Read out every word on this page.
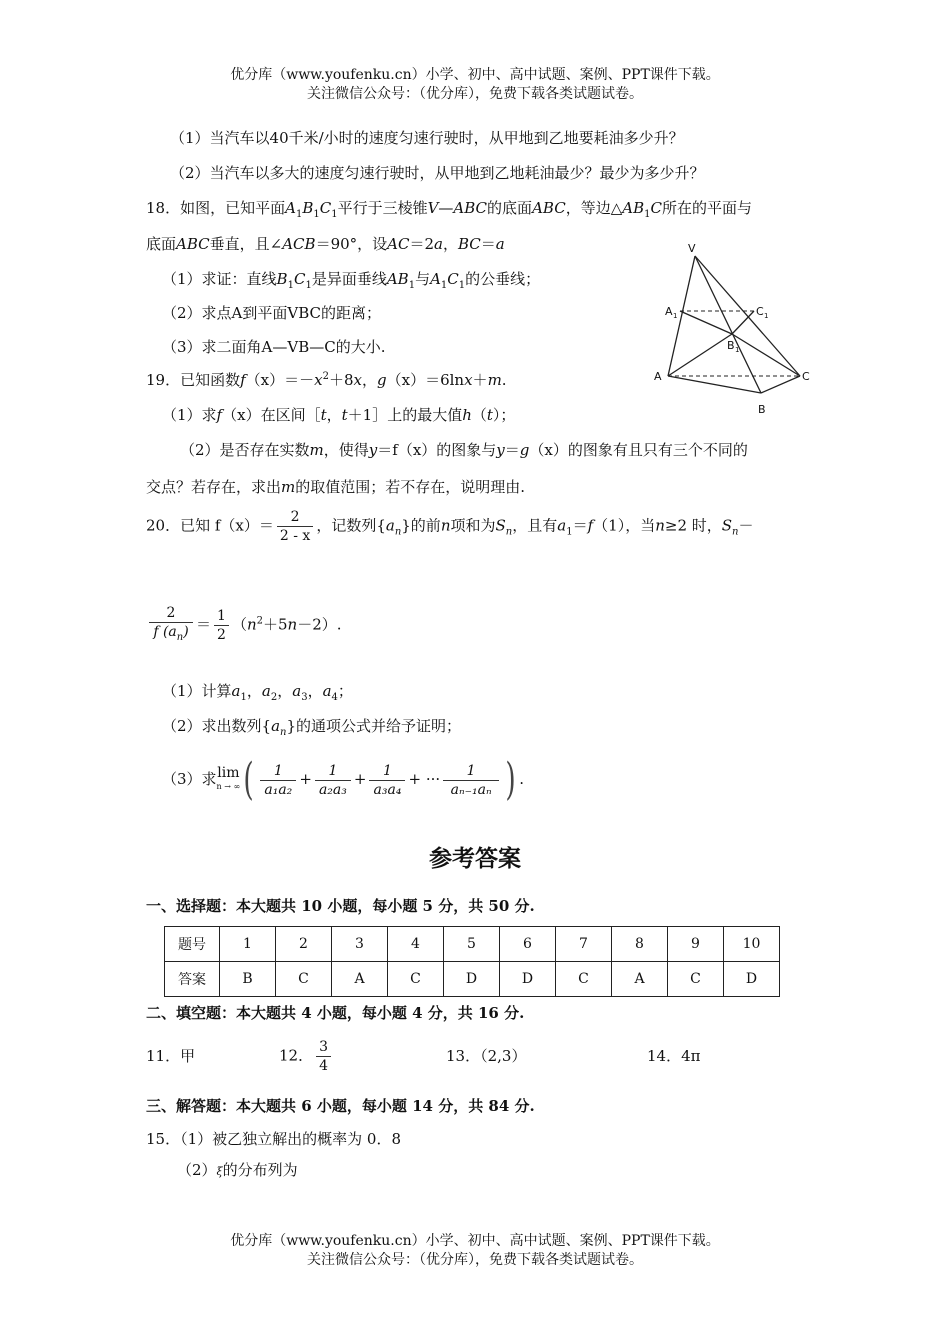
优分库（www.youfenku.cn）小学、初中、高中试题、案例、PPT课件下载。
关注微信公众号：（优分库），免费下载各类试题试卷。
（1）当汽车以40千米/小时的速度匀速行驶时，从甲地到乙地要耗油多少升？
（2）当汽车以多大的速度匀速行驶时，从甲地到乙地耗油最少？最少为多少升？
18．如图，已知平面$A_1B_1C_1$平行于三棱锥V—ABC的底面ABC，等边$\triangle AB_1C$所在的平面与
底面ABC垂直，且∠ACB＝90°，设AC＝2a，BC＝a
（1）求证：直线$B_1C_1$是异面垂线$AB_1$与$A_1C_1$的公垂线；
（2）求点A到平面VBC的距离；
（3）求二面角A—VB—C的大小.
V
A	C
B
A 1	C 1
B 1
19．已知函数$f(x)=-x^2+8x$，g（x）＝6lnx＋m.
（1）求f（x）在区间［t，t＋1］上的最大值h（t）；
（2）是否存在实数m，使得y＝f（x）的图象与y＝g（x）的图象有且只有三个不同的
交点？若存在，求出m的取值范围；若不存在，说明理由.
20．已知 $f(x)= \frac{2}{2 - x}$ ，记数列$\{a_n\}$的前n项和为$S_n$，且有$a_1=f(1)$，当n≥2 时，$S_n-$
$\frac{2}{f (a_n)} = \frac{1}{2} (n^2+5n-2)$.
（1）计算$a_1$，$a_2$，$a_3$，$a_4$；
（2）求出数列$\{a_n\}$的通项公式并给予证明；
（3）求lim
n → ∞ ( $\frac{1}{\text{a₁a₂}} + \frac{1}{\text{a₂a₃}} + \frac{1}{\text{a₃a₄}}$ + ··· $\frac{1}{\text{aₙ₋₁aₙ}}$ ) .
参考答案
一、选择题：本大题共 10 小题，每小题 5 分，共 50 分.
题号	1	2	3	4	5	6	7	8	9	10
答案	B	C	A	C	D	D	C	A	C	D
二、填空题：本大题共 4 小题，每小题 4 分，共 16 分.
11．甲	12． $\frac{3}{4}$	13．（2,3）	14．4π
三、解答题：本大题共 6 小题，每小题 14 分，共 84 分.
15．（1）被乙独立解出的概率为 0．8
（2）ξ的分布列为
优分库（www.youfenku.cn）小学、初中、高中试题、案例、PPT课件下载。
关注微信公众号：（优分库），免费下载各类试题试卷。
